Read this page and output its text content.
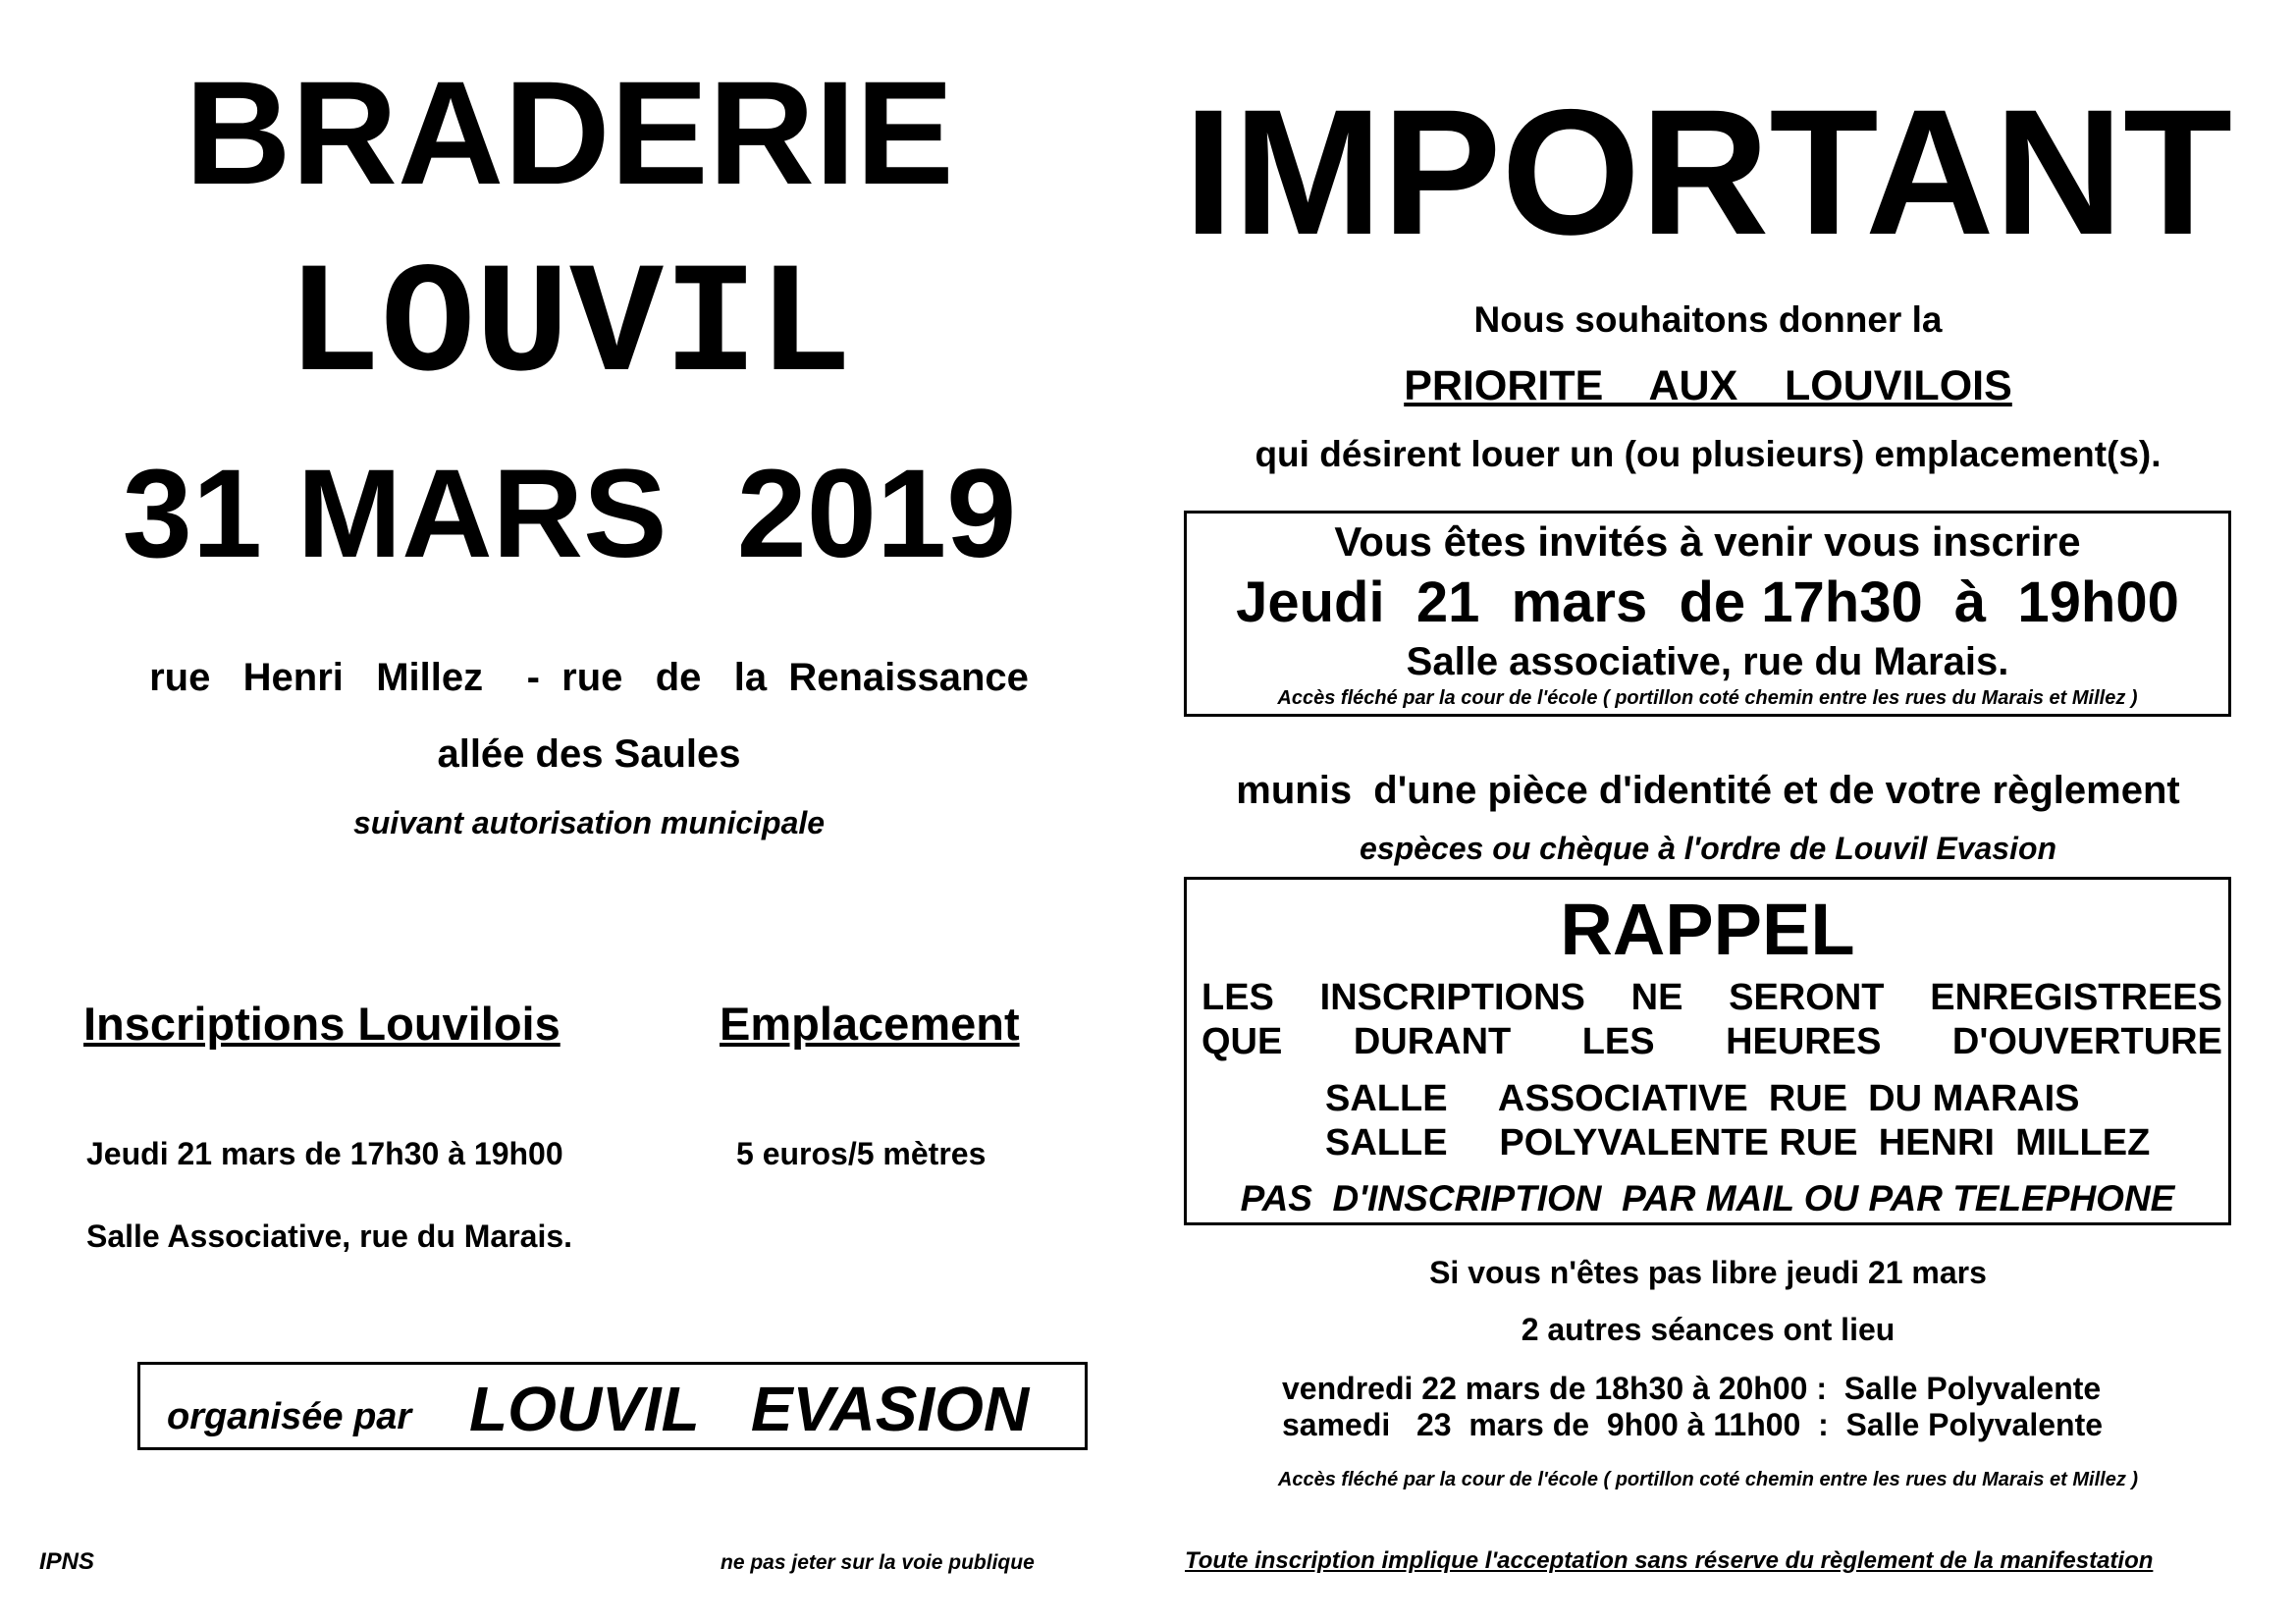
BRADERIE
LOUVIL
31 MARS  2019
rue   Henri   Millez    -  rue   de   la  Renaissance
allée des Saules
suivant autorisation municipale
Inscriptions Louvilois	Emplacement
Jeudi 21 mars de 17h30 à 19h00	5 euros/5 mètres
Salle Associative, rue du Marais.
organisée par LOUVIL   EVASION
IPNS	ne pas jeter sur la voie publique
IMPORTANT
Nous souhaitons donner la
PRIORITE    AUX    LOUVILOIS
qui désirent louer un (ou plusieurs) emplacement(s).
Vous êtes invités à venir vous inscrire
Jeudi  21  mars  de 17h30  à  19h00
Salle associative, rue du Marais.
Accès fléché par la cour de l'école ( portillon coté chemin entre les rues du Marais et Millez )
munis  d'une pièce d'identité et de votre règlement
espèces ou chèque à l'ordre de Louvil Evasion
RAPPEL
LES INSCRIPTIONS NE SERONT ENREGISTREES
QUE DURANT LES HEURES D'OUVERTURE
SALLE     ASSOCIATIVE  RUE  DU MARAIS
SALLE     POLYVALENTE RUE  HENRI  MILLEZ
PAS  D'INSCRIPTION  PAR MAIL OU PAR TELEPHONE
Si vous n'êtes pas libre jeudi 21 mars
2 autres séances ont lieu
vendredi 22 mars de 18h30 à 20h00 :  Salle Polyvalente
samedi   23  mars de  9h00 à 11h00  :  Salle Polyvalente
Accès fléché par la cour de l'école ( portillon coté chemin entre les rues du Marais et Millez )
Toute inscription implique l'acceptation sans réserve du règlement de la manifestation
